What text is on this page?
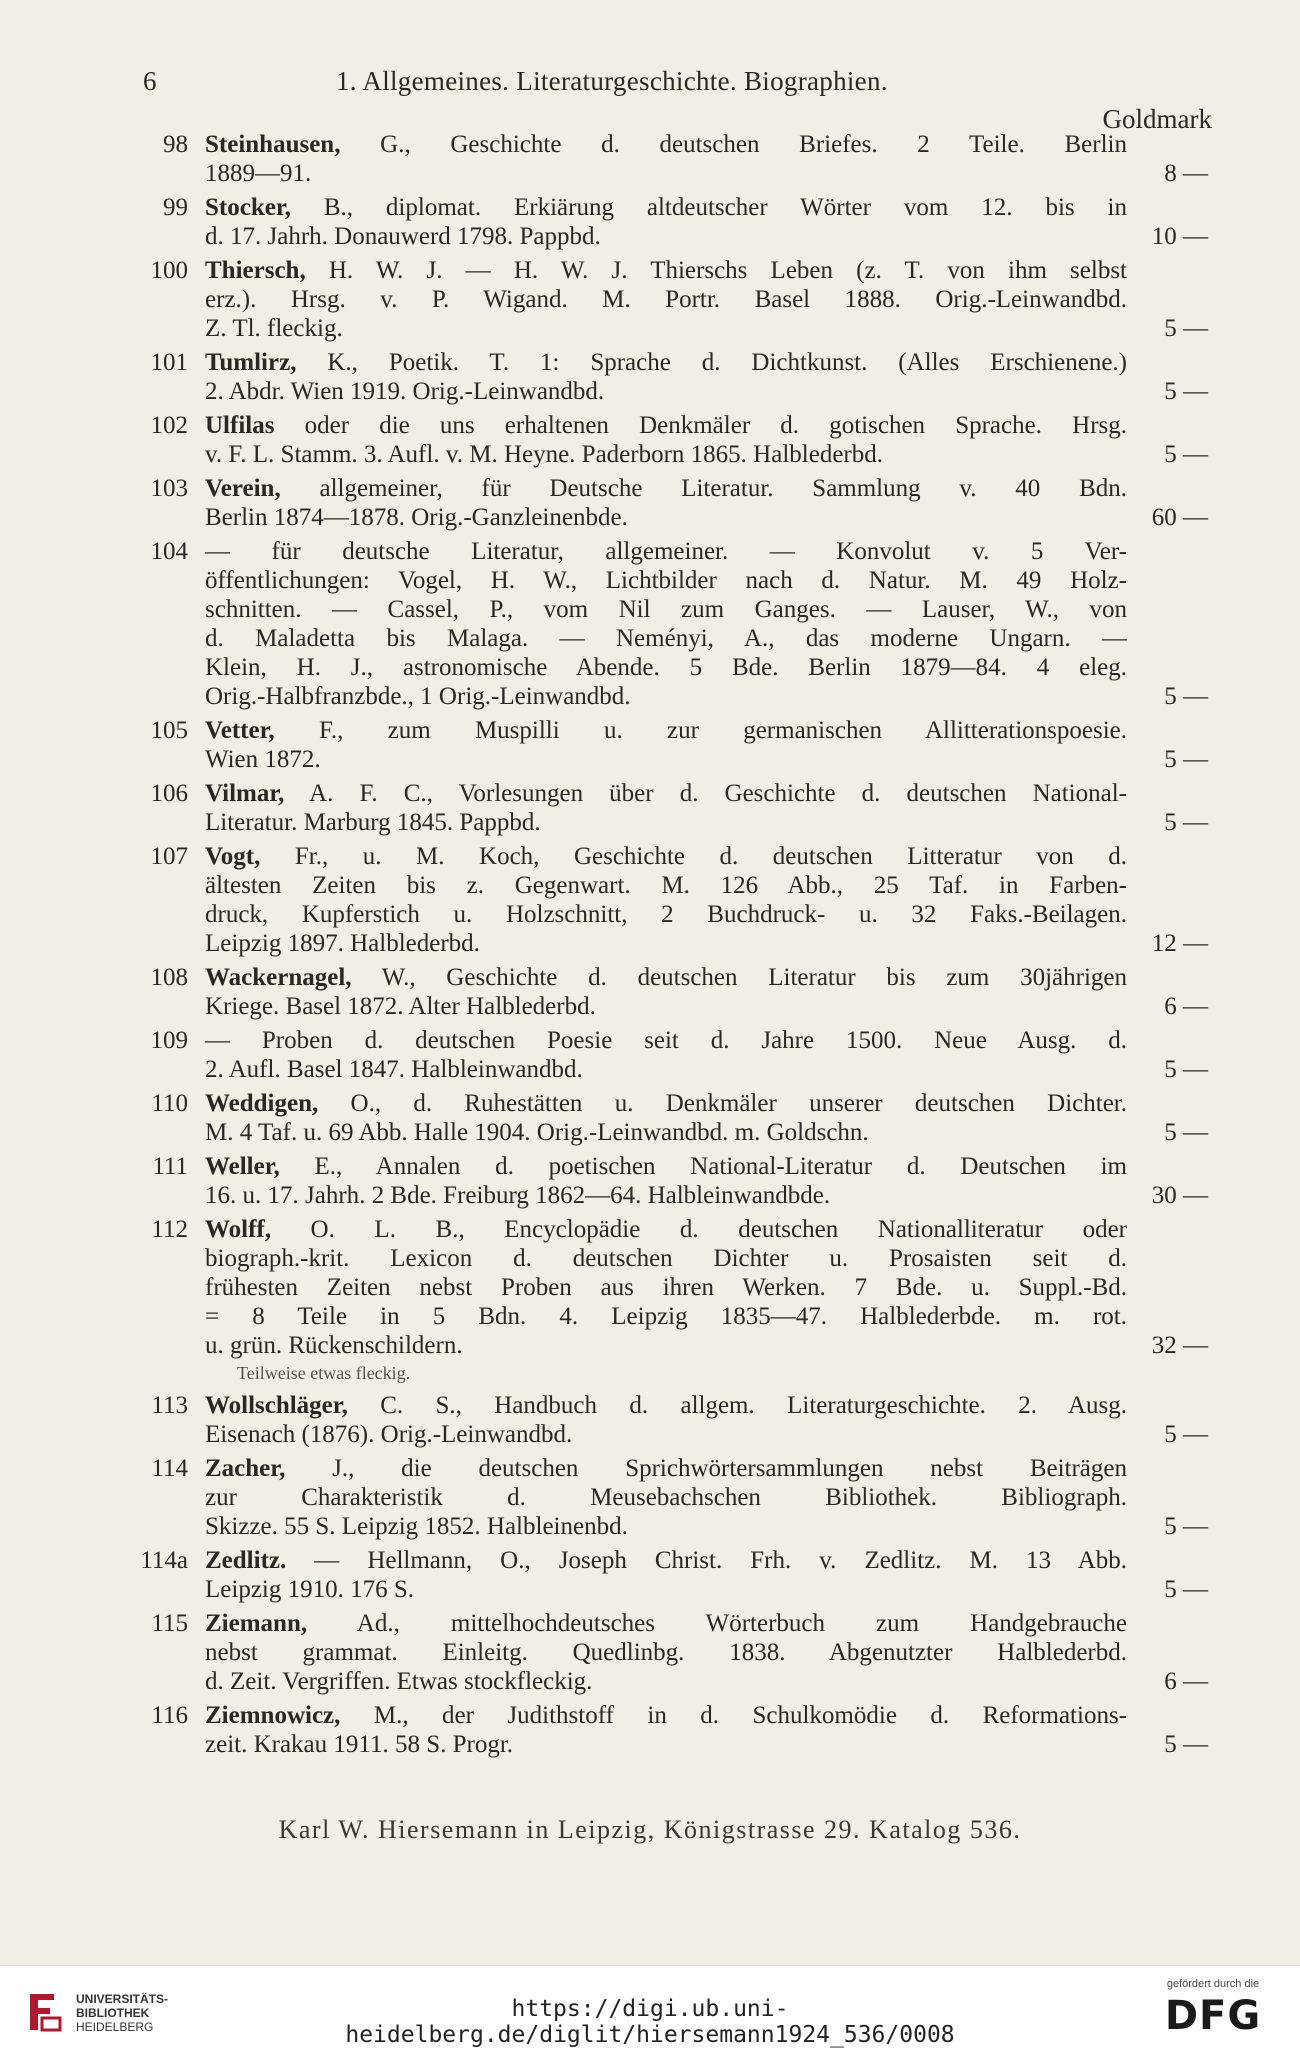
6	1. Allgemeines. Literaturgeschichte. Biographien.
Goldmark
98 Steinhausen, G., Geschichte d. deutschen Briefes. 2 Teile. Berlin
1889—91.	8 —
99 Stocker, B., diplomat. Erkiärung altdeutscher Wörter vom 12. bis in
d. 17. Jahrh. Donauwerd 1798. Pappbd.	10 —
100 Thiersch, H. W. J. — H. W. J. Thierschs Leben (z. T. von ihm selbst
erz.). Hrsg. v. P. Wigand. M. Portr. Basel 1888. Orig.-Leinwandbd.
Z. Tl. fleckig.	5 —
101 Tumlirz, K., Poetik. T. 1: Sprache d. Dichtkunst. (Alles Erschienene.)
2. Abdr. Wien 1919. Orig.-Leinwandbd.	5 —
102 Ulfilas oder die uns erhaltenen Denkmäler d. gotischen Sprache. Hrsg.
v. F. L. Stamm. 3. Aufl. v. M. Heyne. Paderborn 1865. Halblederbd.	5 —
103 Verein, allgemeiner, für Deutsche Literatur. Sammlung v. 40 Bdn.
Berlin 1874—1878. Orig.-Ganzleinenbde.	60 —
104 — für deutsche Literatur, allgemeiner. — Konvolut v. 5 Ver-
öffentlichungen: Vogel, H. W., Lichtbilder nach d. Natur. M. 49 Holz-
schnitten. — Cassel, P., vom Nil zum Ganges. — Lauser, W., von
d. Maladetta bis Malaga. — Neményi, A., das moderne Ungarn. —
Klein, H. J., astronomische Abende. 5 Bde. Berlin 1879—84. 4 eleg.
Orig.-Halbfranzbde., 1 Orig.-Leinwandbd.	5 —
105 Vetter, F., zum Muspilli u. zur germanischen Allitterationspoesie.
Wien 1872.	5 —
106 Vilmar, A. F. C., Vorlesungen über d. Geschichte d. deutschen National-
Literatur. Marburg 1845. Pappbd.	5 —
107 Vogt, Fr., u. M. Koch, Geschichte d. deutschen Litteratur von d.
ältesten Zeiten bis z. Gegenwart. M. 126 Abb., 25 Taf. in Farben-
druck, Kupferstich u. Holzschnitt, 2 Buchdruck- u. 32 Faks.-Beilagen.
Leipzig 1897. Halblederbd.	12 —
108 Wackernagel, W., Geschichte d. deutschen Literatur bis zum 30jährigen
Kriege. Basel 1872. Alter Halblederbd.	6 —
109 — Proben d. deutschen Poesie seit d. Jahre 1500. Neue Ausg. d.
2. Aufl. Basel 1847. Halbleinwandbd.	5 —
110 Weddigen, O., d. Ruhestätten u. Denkmäler unserer deutschen Dichter.
M. 4 Taf. u. 69 Abb. Halle 1904. Orig.-Leinwandbd. m. Goldschn.	5 —
111 Weller, E., Annalen d. poetischen National-Literatur d. Deutschen im
16. u. 17. Jahrh. 2 Bde. Freiburg 1862—64. Halbleinwandbde.	30 —
112 Wolff, O. L. B., Encyclopädie d. deutschen Nationalliteratur oder
biograph.-krit. Lexicon d. deutschen Dichter u. Prosaisten seit d.
frühesten Zeiten nebst Proben aus ihren Werken. 7 Bde. u. Suppl.-Bd.
= 8 Teile in 5 Bdn. 4. Leipzig 1835—47. Halblederbde. m. rot.
u. grün. Rückenschildern.	32 —
Teilweise etwas fleckig.
113 Wollschläger, C. S., Handbuch d. allgem. Literaturgeschichte. 2. Ausg.
Eisenach (1876). Orig.-Leinwandbd.	5 —
114 Zacher, J., die deutschen Sprichwörtersammlungen nebst Beiträgen
zur Charakteristik d. Meusebachschen Bibliothek. Bibliograph.
Skizze. 55 S. Leipzig 1852. Halbleinenbd.	5 —
114a Zedlitz. — Hellmann, O., Joseph Christ. Frh. v. Zedlitz. M. 13 Abb.
Leipzig 1910. 176 S.	5 —
115 Ziemann, Ad., mittelhochdeutsches Wörterbuch zum Handgebrauche
nebst grammat. Einleitg. Quedlinbg. 1838. Abgenutzter Halblederbd.
d. Zeit. Vergriffen. Etwas stockfleckig.	6 —
116 Ziemnowicz, M., der Judithstoff in d. Schulkomödie d. Reformations-
zeit. Krakau 1911. 58 S. Progr.	5 —
Karl W. Hiersemann in Leipzig, Königstrasse 29. Katalog 536.
UNIVERSITÄTS-
BIBLIOTHEK
HEIDELBERG
https://digi.ub.uni-heidelberg.de/diglit/hiersemann1924_536/0008
gefördert durch die
DFG
